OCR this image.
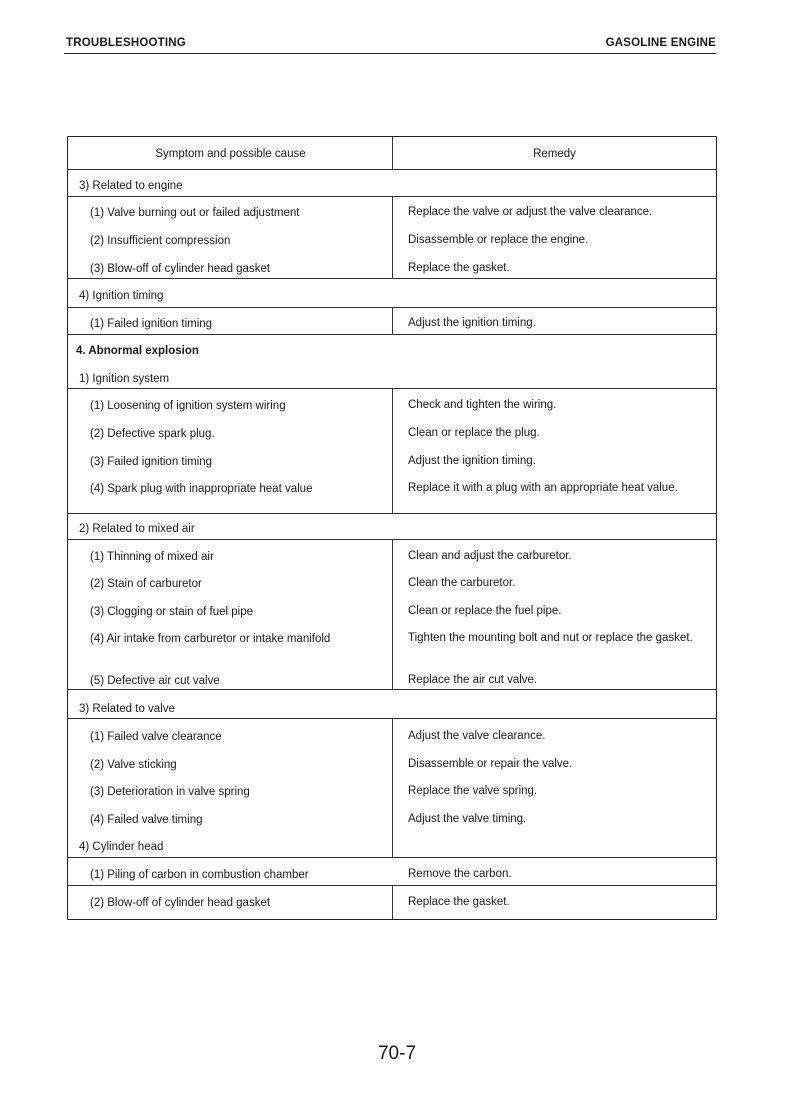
TROUBLESHOOTING	GASOLINE ENGINE
Symptom and possible cause	Remedy
3) Related to engine
(1) Valve burning out or failed adjustment	Replace the valve or adjust the valve clearance.
(2) Insufficient compression	Disassemble or replace the engine.
(3) Blow-off of cylinder head gasket	Replace the gasket.
4) Ignition timing
(1) Failed ignition timing	Adjust the ignition timing.
4. Abnormal explosion
1) Ignition system
(1) Loosening of ignition system wiring	Check and tighten the wiring.
(2) Defective spark plug.	Clean or replace the plug.
(3) Failed ignition timing	Adjust the ignition timing.
(4) Spark plug with inappropriate heat value	Replace it with a plug with an appropriate heat value.
2) Related to mixed air
(1) Thinning of mixed air	Clean and adjust the carburetor.
(2) Stain of carburetor	Clean the carburetor.
(3) Clogging or stain of fuel pipe	Clean or replace the fuel pipe.
(4) Air intake from carburetor or intake manifold	Tighten the mounting bolt and nut or replace the gasket.
(5) Defective air cut valve	Replace the air cut valve.
3) Related to valve
(1) Failed valve clearance	Adjust the valve clearance.
(2) Valve sticking	Disassemble or repair the valve.
(3) Deterioration in valve spring	Replace the valve spring.
(4) Failed valve timing	Adjust the valve timing.
4) Cylinder head
(1) Piling of carbon in combustion chamber	Remove the carbon.
(2) Blow-off of cylinder head gasket	Replace the gasket.
70-7
